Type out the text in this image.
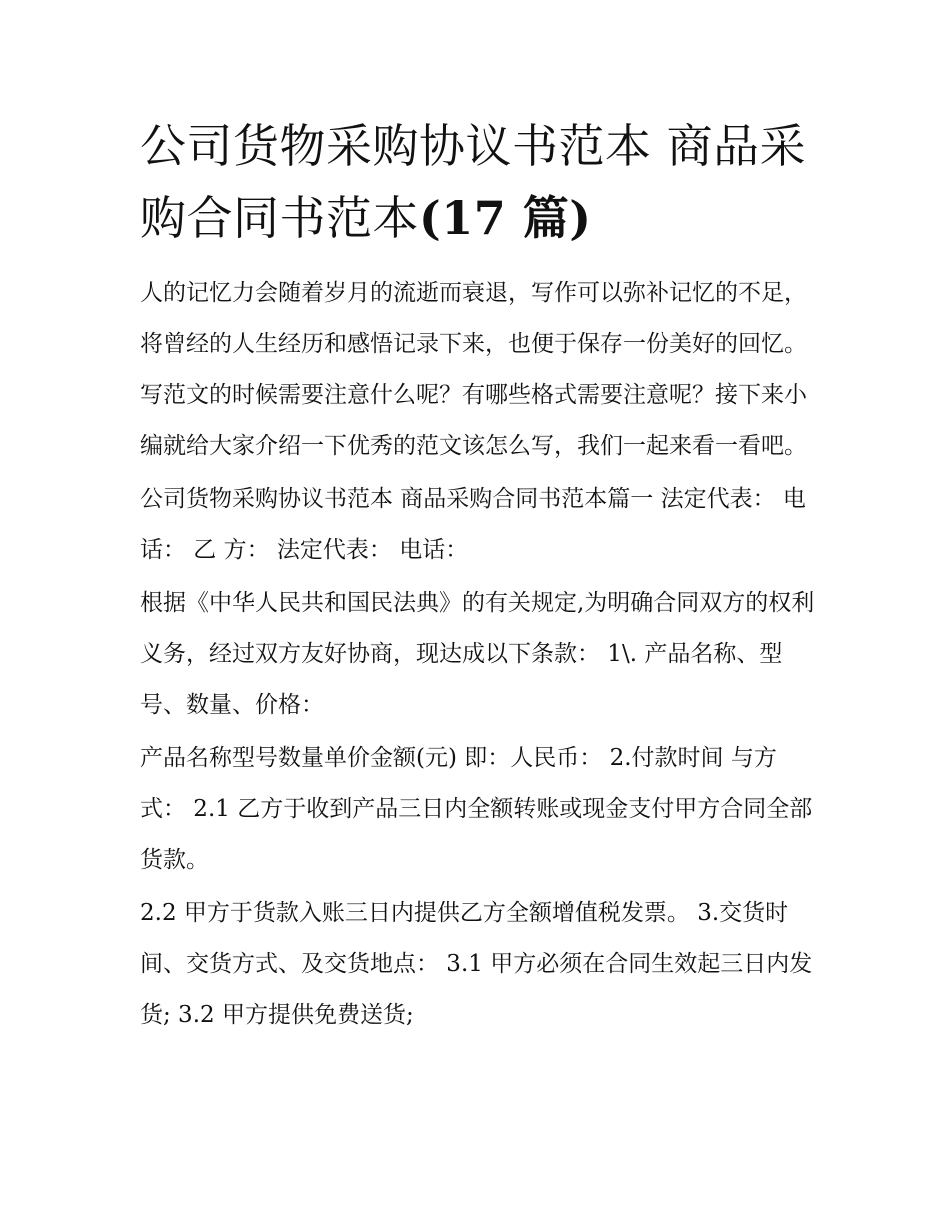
公司货物采购协议书范本 商品采购合同书范本(17 篇)

人的记忆力会随着岁月的流逝而衰退，写作可以弥补记忆的不足，将曾经的人生经历和感悟记录下来，也便于保存一份美好的回忆。写范文的时候需要注意什么呢？有哪些格式需要注意呢？接下来小编就给大家介绍一下优秀的范文该怎么写，我们一起来看一看吧。

公司货物采购协议书范本 商品采购合同书范本篇一 法定代表： 电话： 乙 方： 法定代表： 电话：

根据《中华人民共和国民法典》的有关规定,为明确合同双方的权利义务，经过双方友好协商，现达成以下条款： 1\. 产品名称、型号、数量、价格：

产品名称型号数量单价金额(元) 即：人民币： 2.付款时间 与方式： 2.1 乙方于收到产品三日内全额转账或现金支付甲方合同全部货款。

2.2 甲方于货款入账三日内提供乙方全额增值税发票。 3.交货时间、交货方式、及交货地点： 3.1 甲方必须在合同生效起三日内发货; 3.2 甲方提供免费送货;
